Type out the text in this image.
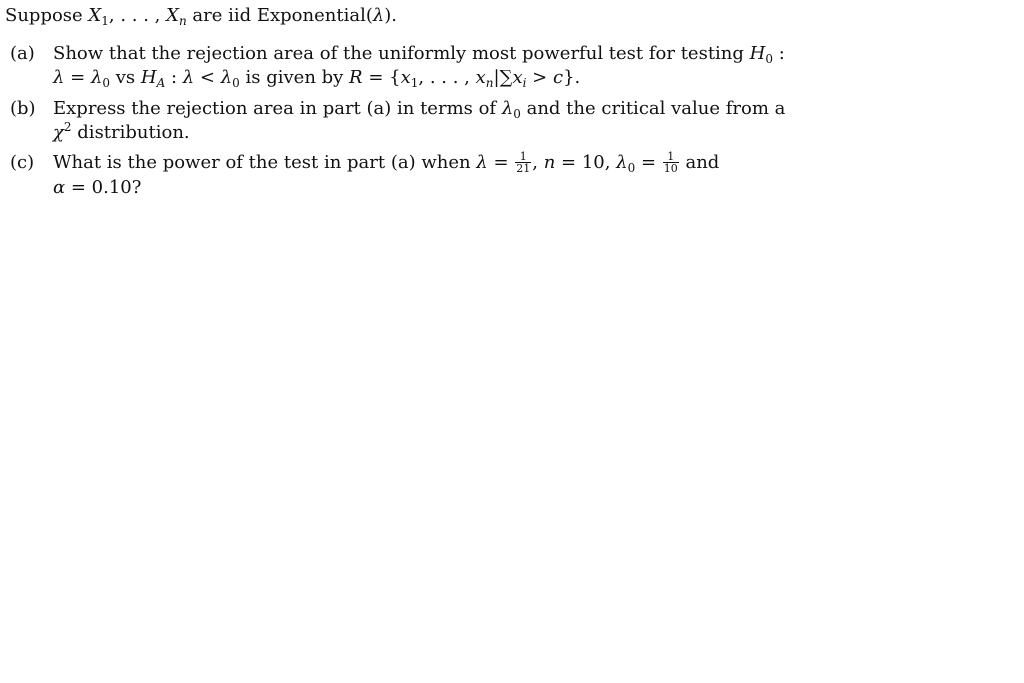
Suppose $X_1$, . . . , $X_n$ are iid Exponential(λ).
(a)	Show that the rejection area of the uniformly most powerful test for testing $H_0$ :
$\lambda = \lambda_0$ vs $H_A$ : $\lambda < \lambda_0$ is given by $R = \{x_1$, . . . , $x_n|\sum x_i > c$}.
(b) Express the rejection area in part (a) in terms of $\lambda_0$ and the critical value from a
$\chi^2$ distribution.
(c)	What is the power of the test in part (a) when $\lambda = \frac{1}{21}$ , n = 10, $\lambda_0 = \frac{1}{10}$ and
α = 0.10?
